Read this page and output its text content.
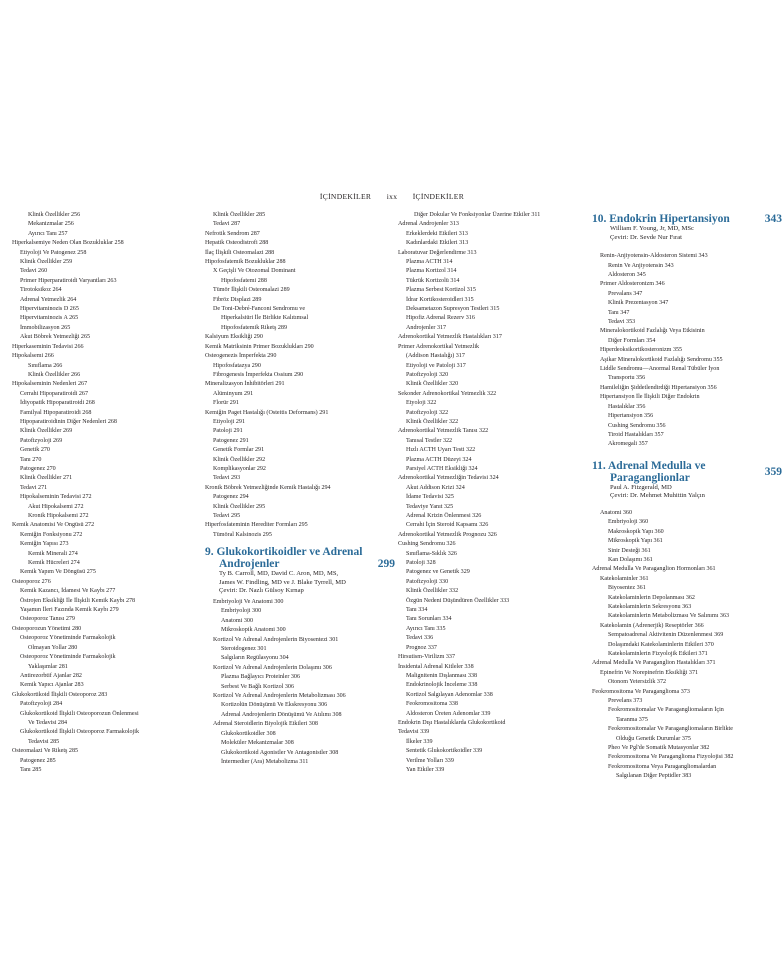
İÇİNDEKİLER ixx İÇİNDEKİLER
Klinik Özellikler 256
Mekanizmalar 256
Ayırıcı Tanı 257
Hiperkalsemiye Neden Olan Bozukluklar 258
Etiyoloji Ve Patogenez 258
Klinik Özellikler 259
Tedavi 260
Primer Hiperparatiroidi Varyantları 263
Tirotoksikoz 264
Adrenal Yetmezlik 264
Hipervitaminozis D 265
Hipervitaminozis A 265
İmmobilizasyon 265
Akut Böbrek Yetmezliği 265
Hiperkaseminin Tedavisi 266
Hipokalsemi 266
Sınıflama 266
Klinik Özellikler 266
Hipokalseminin Nedenleri 267
Cerrahi Hipoparatiroidi 267
İdiyopatik Hipoparatiroidi 268
Familyal Hipoparatiroidi 268
Hipoparatiroidinin Diğer Nedenleri 268
Klinik Özellikler 269
Patofizyoloji 269
Genetik 270
Tanı 270
Patogenez 270
Klinik Özellikler 271
Tedavi 271
Hipokalseminin Tedavisi 272
Akut Hipokalsemi 272
Kronik Hipokalsemi 272
Kemik Anatomisi Ve Ongüsü 272
Kemiğin Fonksiyonu 272
Kemiğin Yapısı 273
Kemik Minerali 274
Kemik Hücreleri 274
Kemik Yapım Ve Döngüsü 275
Osteoporoz 276
Kemik Kazancı, İdamesi Ve Kaybı 277
Östrojen Eksikliği İle İlişkili Kemik Kaybı 278
Yaşamın İleri Fazında Kemik Kaybı 279
Osteoporoz Tanısı 279
Osteoporozun Yönetimi 280
Osteoporoz Yönetiminde Farmakolojik
Olmayan Yollar 280
Osteoporoz Yönetiminde Farmakolojik
Yaklaşımlar 281
Antirezorbtif Ajanlar 282
Kemik Yapıcı Ajanlar 283
Glukokortikoid İlişkili Osteoporoz 283
Patofizyoloji 284
Glukokortikoid İlişkili Osteoporozun Önlenmesi
Ve Tedavisi 284
Glukokortikoid İlişkili Osteoporoz Farmakolojik
Tedavisi 285
Osteomalazi Ve Riketş 285
Patogenez 285
Tanı 285
Klinik Özellikler 285
Tedavi 287
Nefrotik Sendrom 287
Hepatik Osteodistrofi 288
İlaç İlişkili Osteomalazi 288
Hipofosfatemik Bozukluklar 288
X Geçişli Ve Otozomal Dominant
Hipofosfatemi 288
Tümör İlişkili Osteomalazi 289
Fibröz Displazi 289
De Toni-Debré-Fanconi Sendromu ve
Hiperkalsiüri İle Birlikte Kalıtımsal
Hipofosfatemik Riketş 289
Kalsiyum Eksikliği 290
Kemik Matriksinin Primer Bozuklukları 290
Osteogenezis İmperfekta 290
Hipofosfatazya 290
Fibrogenesis İmperfekta Ossium 290
Mineralizasyon İnhibitörleri 291
Alüminyum 291
Florür 291
Kemiğin Paget Hastalığı (Osteitis Deformans) 291
Etiyoloji 291
Patoloji 291
Patogenez 291
Genetik Formlar 291
Klinik Özellikler 292
Komplikasyonlar 292
Tedavi 293
Kronik Böbrek Yetmezliğinde Kemik Hastalığı 294
Patogenez 294
Klinik Özellikler 295
Tedavi 295
Hiperfosfateminin Herediter Formları 295
Tümöral Kalsinozis 295
9. Glukokortikoidler ve Adrenal
Androjenler	299
Ty B. Carroll, MD, David C. Aron, MD, MS,
James W. Findling, MD ve J. Blake Tyrrell, MD
Çeviri: Dr. Nazlı Gülsoy Kırnap
Embriyoloji Ve Anatomi 300
Embriyoloji 300
Anatomi 300
Mikroskopik Anatomi 300
Kortizol Ve Adrenal Androjenlerin Biyosentezi 301
Steroidogenez 301
Salgıların Regülasyonu 304
Kortizol Ve Adrenal Androjenlerin Dolaşımı 306
Plazma Bağlayıcı Proteinler 306
Serbest Ve Bağlı Kortizol 306
Kortizol Ve Adrenal Androjenlerin Metabolizması 306
Kortizolün Dönüşümü Ve Ekskresyonu 306
Adrenal Androjenlerin Dönüşümü Ve Atılımı 308
Adrenal Steroidlerin Biyolojik Etkileri 308
Glukokortikoidler 308
Moleküler Mekanizmalar 308
Glukokortikoid Agonistler Ve Antagonistler 308
İntermedier (Ara) Metabolizma 311
Diğer Dokular Ve Fonksiyonlar Üzerine Etkiler 311
Adrenal Androjenler 313
Erkeklerdeki Etkileri 313
Kadınlardaki Etkileri 313
Laboratuvar Değerlendirme 313
Plazma ACTH 314
Plazma Kortizol 314
Tükrük Kortizolü 314
Plazma Serbest Kortizol 315
İdrar Kortikosteroidleri 315
Deksametazon Supresyon Testleri 315
Hipofiz Adrenal Rezerv 316
Androjenler 317
Adrenokortikal Yetmezlik Hastalıkları 317
Primer Adrenokortikal Yetmezlik
(Addison Hastalığı) 317
Etiyoloji ve Patoloji 317
Patofizyoloji 320
Klinik Özellikler 320
Sekonder Adrenokortikal Yetmezlik 322
Etyoloji 322
Patofizyoloji 322
Klinik Özellikler 322
Adrenokortikal Yetmezlik Tanısı 322
Tanısal Testler 322
Hızlı ACTH Uyarı Testi 322
Plazma ACTH Düzeyi 324
Parsiyel ACTH Eksikliği 324
Adrenokortikal Yetmezliğin Tedavisi 324
Akut Addison Krizi 324
İdame Tedavisi 325
Tedaviye Yanıt 325
Adrenal Krizin Önlenmesi 326
Cerrahi İçin Steroid Kapsamı 326
Adrenokortikal Yetmezlik Prognozu 326
Cushing Sendromu 326
Sınıflama-Sıklık 326
Patoloji 328
Patogenez ve Genetik 329
Patofizyoloji 330
Klinik Özellikler 332
Özgün Nedeni Düşündüren Özellikler 333
Tanı 334
Tanı Sorunları 334
Ayırıcı Tanı 335
Tedavi 336
Prognoz 337
Hirsutism-Virilizm 337
İnsidental Adrenal Kitleler 338
Malignitenin Dışlanması 338
Endokrinolojik İnceleme 338
Kortizol Salgılayan Adenomlar 338
Feokromositoma 338
Aldosteron Üreten Adenomlar 339
Endokrin Dışı Hastalıklarda Glukokortikoid
Tedavisi 339
İlkeler 339
Sentetik Glukokortikoidler 339
Verilme Yolları 339
Yan Etkiler 339
10. Endokrin Hipertansiyon	343
William F. Young, Jr, MD, MSc
Çeviri: Dr. Sevde Nur Fırat
Renin-Anjiyotensin-Aldosteron Sistemi 343
Renin Ve Anjiyotensin 343
Aldosteron 345
Primer Aldosteronizm 346
Prevalans 347
Klinik Prezentasyon 347
Tanı 347
Tedavi 353
Mineralokortikoid Fazlalığı Veya Etkisinin
Diğer Formları 354
Hiperdeoksikortikosteronizm 355
Aşikar Mineralokortikoid Fazlalığı Sendromu 355
Liddle Sendromu—Anormal Renal Tübüler İyon
Transportu 356
Hamileliğin Şiddetlendirdiği Hipertansiyon 356
Hipertansiyon İle İlişkili Diğer Endokrin
Hastalıklar 356
Hipertansiyon 356
Cushing Sendromu 356
Tiroid Hastalıkları 357
Akromegali 357
11. Adrenal Medulla ve
Paraganglionlar	359
Paul A. Fitzgerald, MD
Çeviri: Dr. Mehmet Muhittin Yalçın
Anatomi 360
Embriyoloji 360
Makroskopik Yapı 360
Mikroskopik Yapı 361
Sinir Desteği 361
Kan Dolaşımı 361
Adrenal Medulla Ve Paraganglion Hormonları 361
Katekolaminler 361
Biyosentez 361
Katekolaminlerin Depolanması 362
Katekolaminlerin Sekresyonu 363
Katekolaminlerin Metabolizması Ve Salınımı 363
Katekolamin (Adrenerjik) Reseptörler 366
Sempatoadrenal Aktivitenin Düzenlenmesi 369
Dolaşımdaki Katekolaminlerin Etkileri 370
Katekolaminlerin Fizyolojik Etkileri 371
Adrenal Medulla Ve Paraganglion Hastalıkları 371
Epinefrin Ve Norepinefrin Eksikliği 371
Otonom Yetersizlik 372
Feokromositoma Ve Paraganglioma 373
Prevelans 373
Feokromositomalar Ve Paragangliomaların İçin
Taranma 375
Feokromositomalar Ve Paragangliomaların Birlikte
Olduğu Genetik Durumlar 375
Pheo Ve Pgl'de Somatik Mutasyonlar 382
Feokromositoma Ve Paraganglioma Fizyolojisi 382
Feokromositoma Veya Paragangliomalardan
Salgılanan Diğer Peptidler 383
